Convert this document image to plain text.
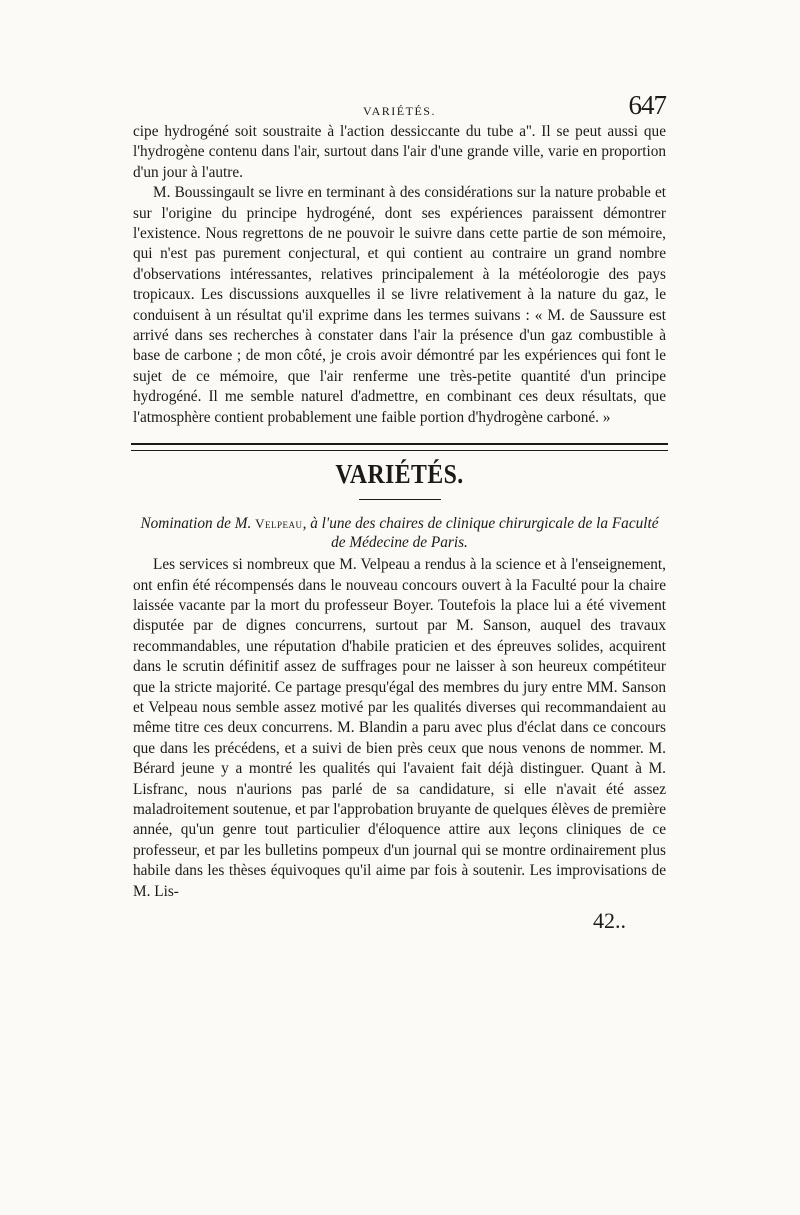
VARIÉTÉS.	647

cipe hydrogéné soit soustraite à l'action dessiccante du tube a''. Il se peut aussi que l'hydrogène contenu dans l'air, surtout dans l'air d'une grande ville, varie en proportion d'un jour à l'autre.

M. Boussingault se livre en terminant à des considérations sur la nature probable et sur l'origine du principe hydrogéné, dont ses expériences paraissent démontrer l'existence. Nous regrettons de ne pouvoir le suivre dans cette partie de son mémoire, qui n'est pas purement conjectural, et qui contient au contraire un grand nombre d'observations intéressantes, relatives principalement à la météolorogie des pays tropicaux. Les discussions auxquelles il se livre relativement à la nature du gaz, le conduisent à un résultat qu'il exprime dans les termes suivans : « M. de Saussure est arrivé dans ses recherches à constater dans l'air la présence d'un gaz combustible à base de carbone ; de mon côté, je crois avoir démontré par les expériences qui font le sujet de ce mémoire, que l'air renferme une très-petite quantité d'un principe hydrogéné. Il me semble naturel d'admettre, en combinant ces deux résultats, que l'atmosphère contient probablement une faible portion d'hydrogène carboné. »

VARIÉTÉS.
Nomination de M. Velpeau, à l'une des chaires de clinique chirurgicale de la Faculté de Médecine de Paris.

Les services si nombreux que M. Velpeau a rendus à la science et à l'enseignement, ont enfin été récompensés dans le nouveau concours ouvert à la Faculté pour la chaire laissée vacante par la mort du professeur Boyer. Toutefois la place lui a été vivement disputée par de dignes concurrens, surtout par M. Sanson, auquel des travaux recommandables, une réputation d'habile praticien et des épreuves solides, acquirent dans le scrutin définitif assez de suffrages pour ne laisser à son heureux compétiteur que la stricte majorité. Ce partage presqu'égal des membres du jury entre MM. Sanson et Velpeau nous semble assez motivé par les qualités diverses qui recommandaient au même titre ces deux concurrens. M. Blandin a paru avec plus d'éclat dans ce concours que dans les précédens, et a suivi de bien près ceux que nous venons de nommer. M. Bérard jeune y a montré les qualités qui l'avaient fait déjà distinguer. Quant à M. Lisfranc, nous n'aurions pas parlé de sa candidature, si elle n'avait été assez maladroitement soutenue, et par l'approbation bruyante de quelques élèves de première année, qu'un genre tout particulier d'éloquence attire aux leçons cliniques de ce professeur, et par les bulletins pompeux d'un journal qui se montre ordinairement plus habile dans les thèses équivoques qu'il aime par fois à soutenir. Les improvisations de M. Lis-

42..
